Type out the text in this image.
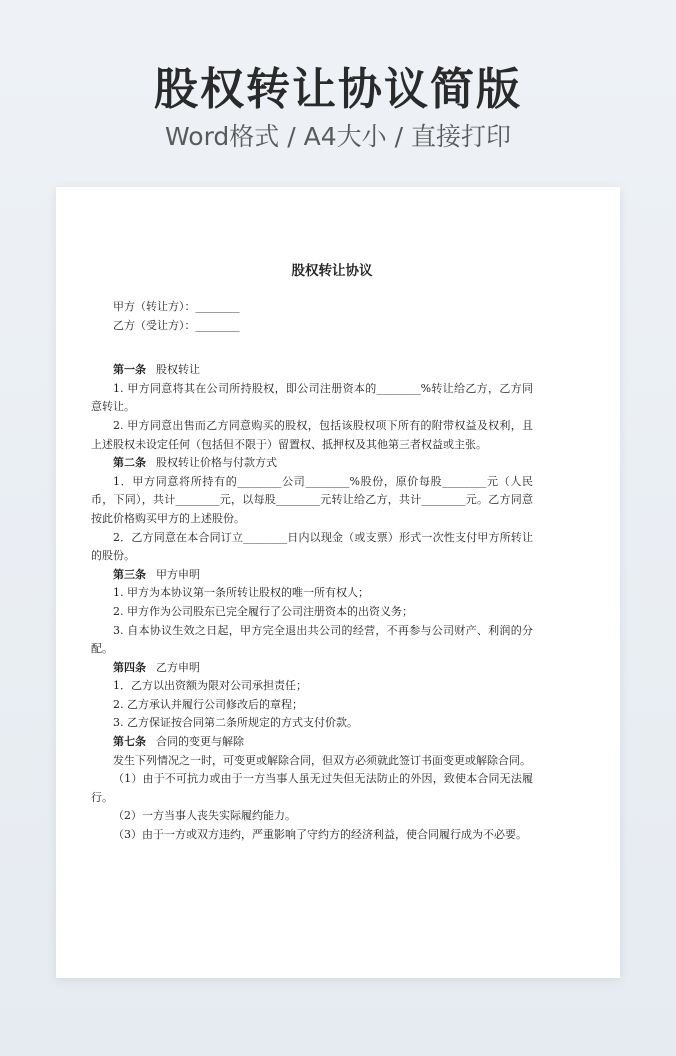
股权转让协议简版
Word格式 / A4大小 / 直接打印
股权转让协议
甲方（转让方）：________
乙方（受让方）：________
第一条 股权转让
1. 甲方同意将其在公司所持股权，即公司注册资本的________%转让给乙方，乙方同意转让。
2. 甲方同意出售而乙方同意购买的股权，包括该股权项下所有的附带权益及权利，且上述股权未设定任何（包括但不限于）留置权、抵押权及其他第三者权益或主张。
第二条 股权转让价格与付款方式
1．甲方同意将所持有的________公司________%股份，原价每股________元（人民币，下同），共计________元，以每股________元转让给乙方，共计________元。乙方同意按此价格购买甲方的上述股份。
2．乙方同意在本合同订立________日内以现金（或支票）形式一次性支付甲方所转让的股份。
第三条 甲方申明
1. 甲方为本协议第一条所转让股权的唯一所有权人；
2. 甲方作为公司股东已完全履行了公司注册资本的出资义务；
3. 自本协议生效之日起，甲方完全退出共公司的经营，不再参与公司财产、利润的分配。
第四条 乙方申明
1．乙方以出资额为限对公司承担责任；
2. 乙方承认并履行公司修改后的章程；
3. 乙方保证按合同第二条所规定的方式支付价款。
第七条 合同的变更与解除
发生下列情况之一时，可变更或解除合同，但双方必须就此签订书面变更或解除合同。
（1）由于不可抗力或由于一方当事人虽无过失但无法防止的外因，致使本合同无法履行。
（2）一方当事人丧失实际履约能力。
（3）由于一方或双方违约，严重影响了守约方的经济利益，使合同履行成为不必要。
